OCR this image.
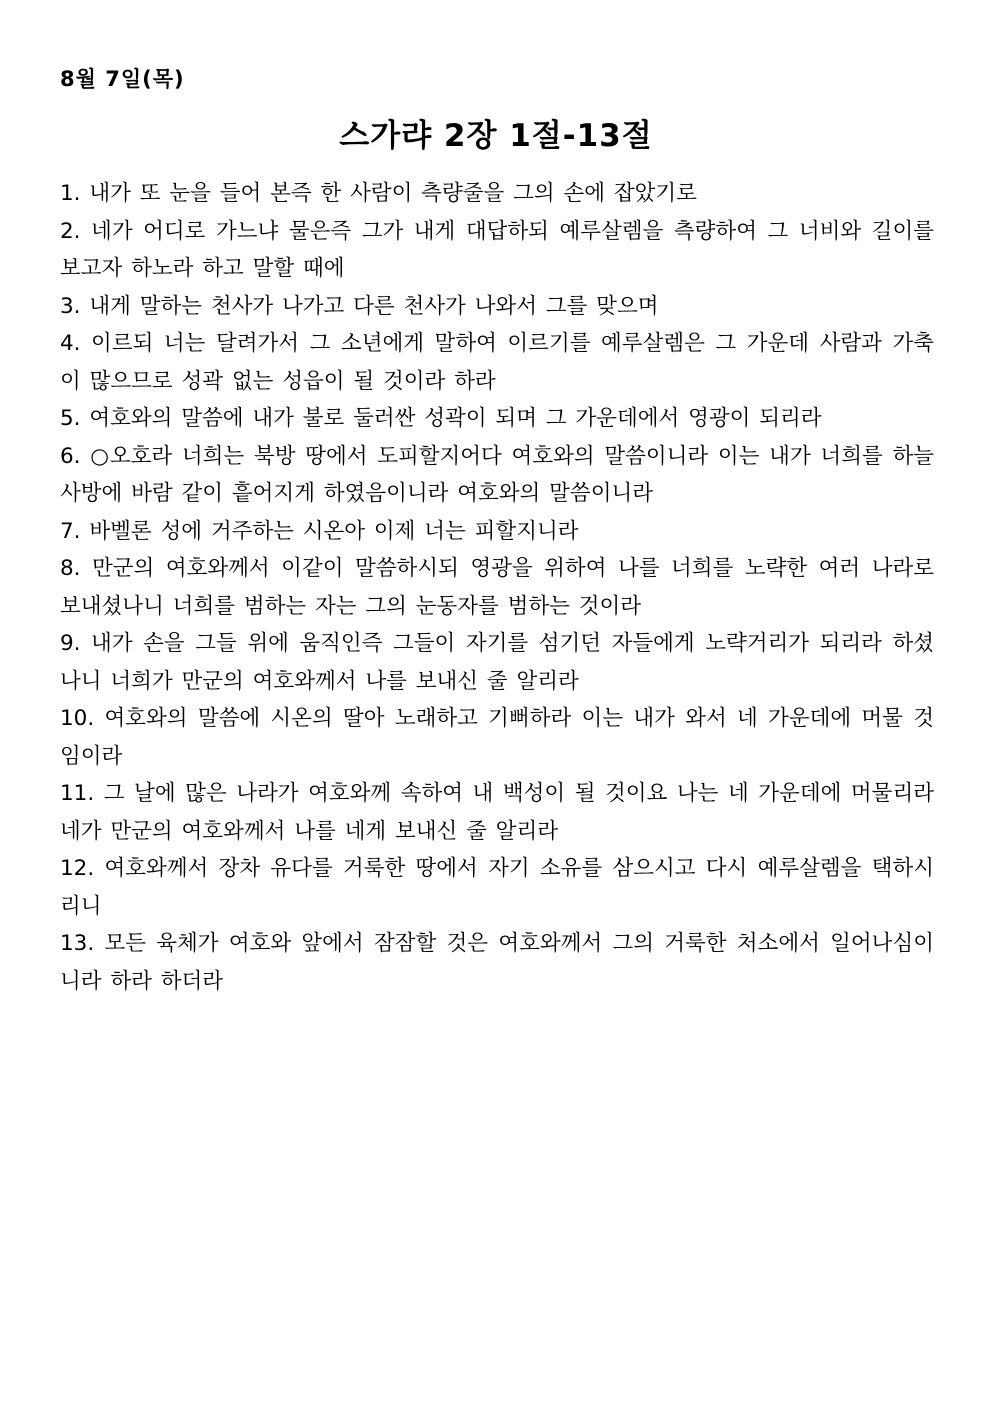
8월 7일(목)
스가랴 2장 1절-13절
1. 내가 또 눈을 들어 본즉 한 사람이 측량줄을 그의 손에 잡았기로
2. 네가 어디로 가느냐 물은즉 그가 내게 대답하되 예루살렘을 측량하여 그 너비와 길이를 보고자 하노라 하고 말할 때에
3. 내게 말하는 천사가 나가고 다른 천사가 나와서 그를 맞으며
4. 이르되 너는 달려가서 그 소년에게 말하여 이르기를 예루살렘은 그 가운데 사람과 가축이 많으므로 성곽 없는 성읍이 될 것이라 하라
5. 여호와의 말씀에 내가 불로 둘러싼 성곽이 되며 그 가운데에서 영광이 되리라
6. ○오호라 너희는 북방 땅에서 도피할지어다 여호와의 말씀이니라 이는 내가 너희를 하늘 사방에 바람 같이 흩어지게 하였음이니라 여호와의 말씀이니라
7. 바벨론 성에 거주하는 시온아 이제 너는 피할지니라
8. 만군의 여호와께서 이같이 말씀하시되 영광을 위하여 나를 너희를 노략한 여러 나라로 보내셨나니 너희를 범하는 자는 그의 눈동자를 범하는 것이라
9. 내가 손을 그들 위에 움직인즉 그들이 자기를 섬기던 자들에게 노략거리가 되리라 하셨나니 너희가 만군의 여호와께서 나를 보내신 줄 알리라
10. 여호와의 말씀에 시온의 딸아 노래하고 기뻐하라 이는 내가 와서 네 가운데에 머물 것임이라
11. 그 날에 많은 나라가 여호와께 속하여 내 백성이 될 것이요 나는 네 가운데에 머물리라 네가 만군의 여호와께서 나를 네게 보내신 줄 알리라
12. 여호와께서 장차 유다를 거룩한 땅에서 자기 소유를 삼으시고 다시 예루살렘을 택하시리니
13. 모든 육체가 여호와 앞에서 잠잠할 것은 여호와께서 그의 거룩한 처소에서 일어나심이니라 하라 하더라
